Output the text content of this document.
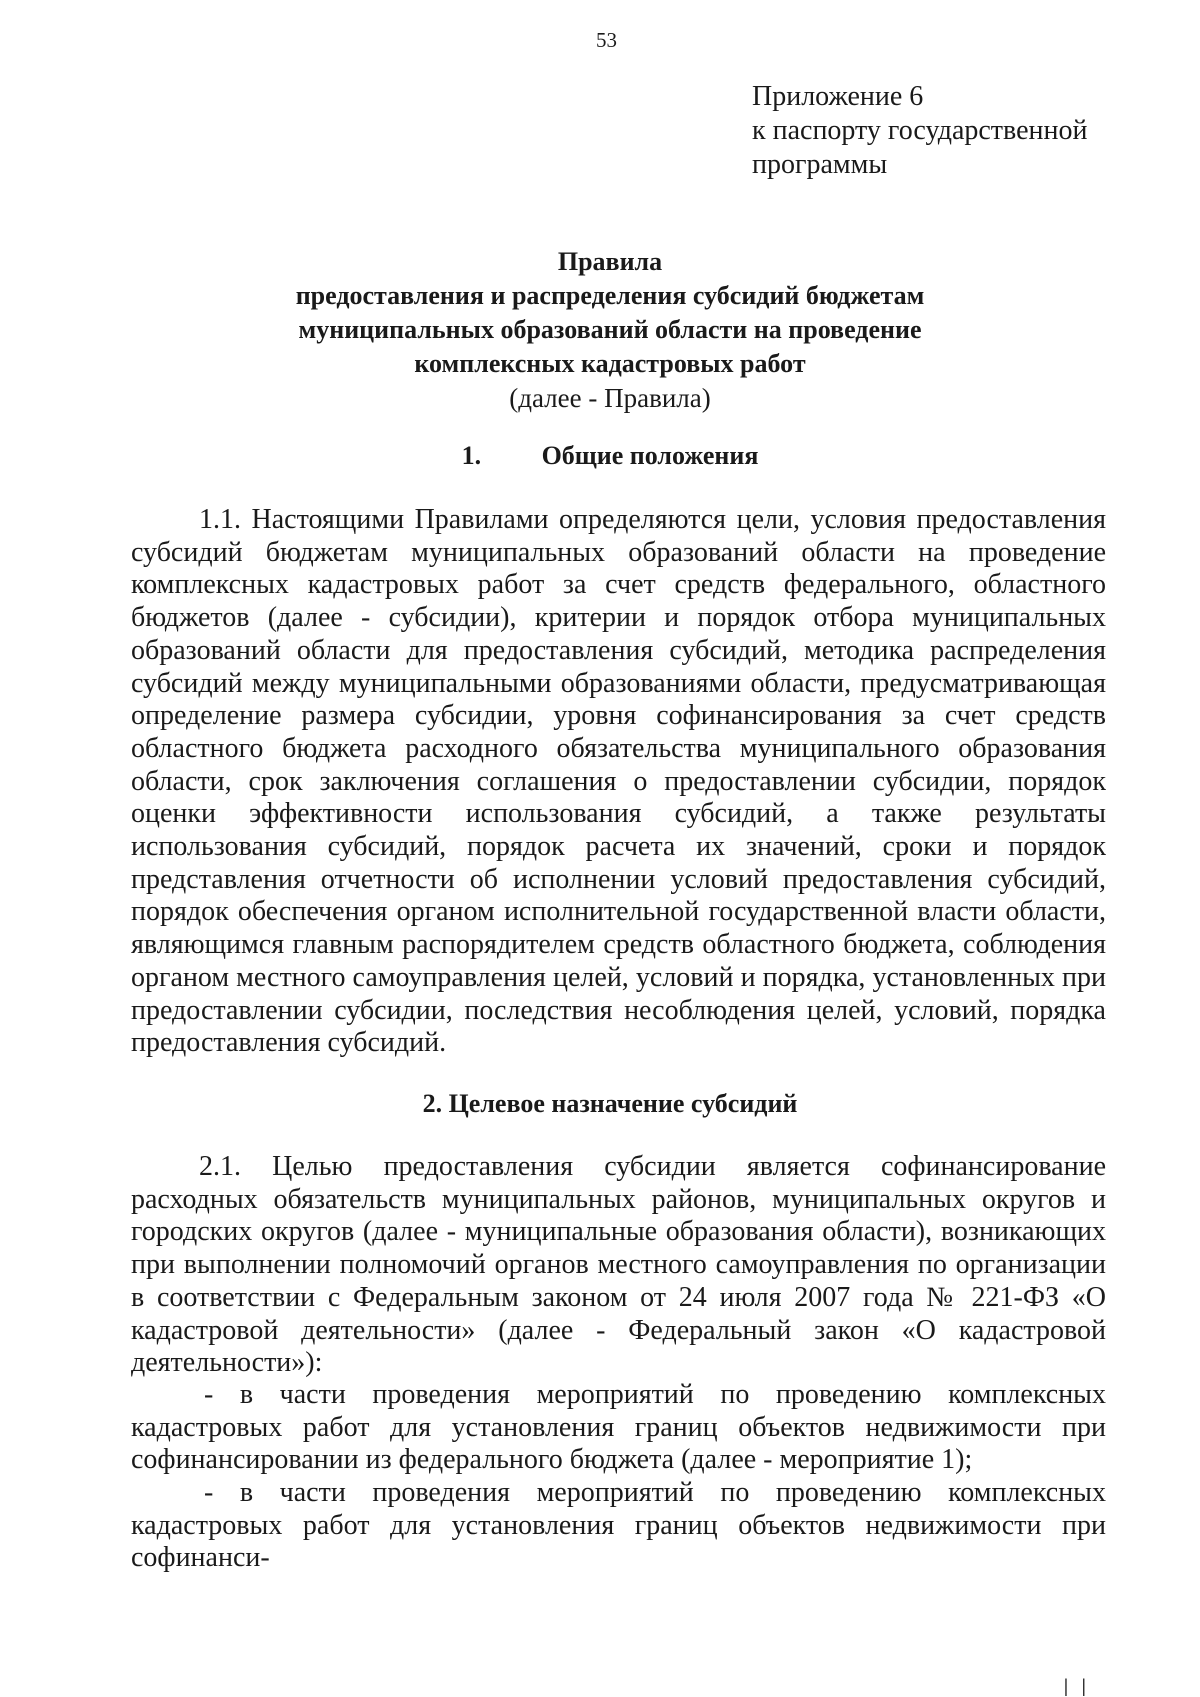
53
Приложение 6
к паспорту государственной
программы
Правила
предоставления и распределения субсидий бюджетам
муниципальных образований области на проведение
комплексных кадастровых работ
(далее - Правила)
1. Общие положения
1.1. Настоящими Правилами определяются цели, условия предоставления субсидий бюджетам муниципальных образований области на проведение комплексных кадастровых работ за счет средств федерального, областного бюджетов (далее - субсидии), критерии и порядок отбора муниципальных образований области для предоставления субсидий, методика распределения субсидий между муниципальными образованиями области, предусматривающая определение размера субсидии, уровня софинансирования за счет средств областного бюджета расходного обязательства муниципального образования области, срок заключения соглашения о предоставлении субсидии, порядок оценки эффективности использования субсидий, а также результаты использования субсидий, порядок расчета их значений, сроки и порядок представления отчетности об исполнении условий предоставления субсидий, порядок обеспечения органом исполнительной государственной власти области, являющимся главным распорядителем средств областного бюджета, соблюдения органом местного самоуправления целей, условий и порядка, установленных при предоставлении субсидии, последствия несоблюдения целей, условий, порядка предоставления субсидий.
2. Целевое назначение субсидий
2.1. Целью предоставления субсидии является софинансирование расходных обязательств муниципальных районов, муниципальных округов и городских округов (далее - муниципальные образования области), возникающих при выполнении полномочий органов местного самоуправления по организации в соответствии с Федеральным законом от 24 июля 2007 года № 221-ФЗ «О кадастровой деятельности» (далее - Федеральный закон «О кадастровой деятельности»):
- в части проведения мероприятий по проведению комплексных кадастровых работ для установления границ объектов недвижимости при софинансировании из федерального бюджета (далее - мероприятие 1);
- в части проведения мероприятий по проведению комплексных кадастровых работ для установления границ объектов недвижимости при софинанси-
| |
